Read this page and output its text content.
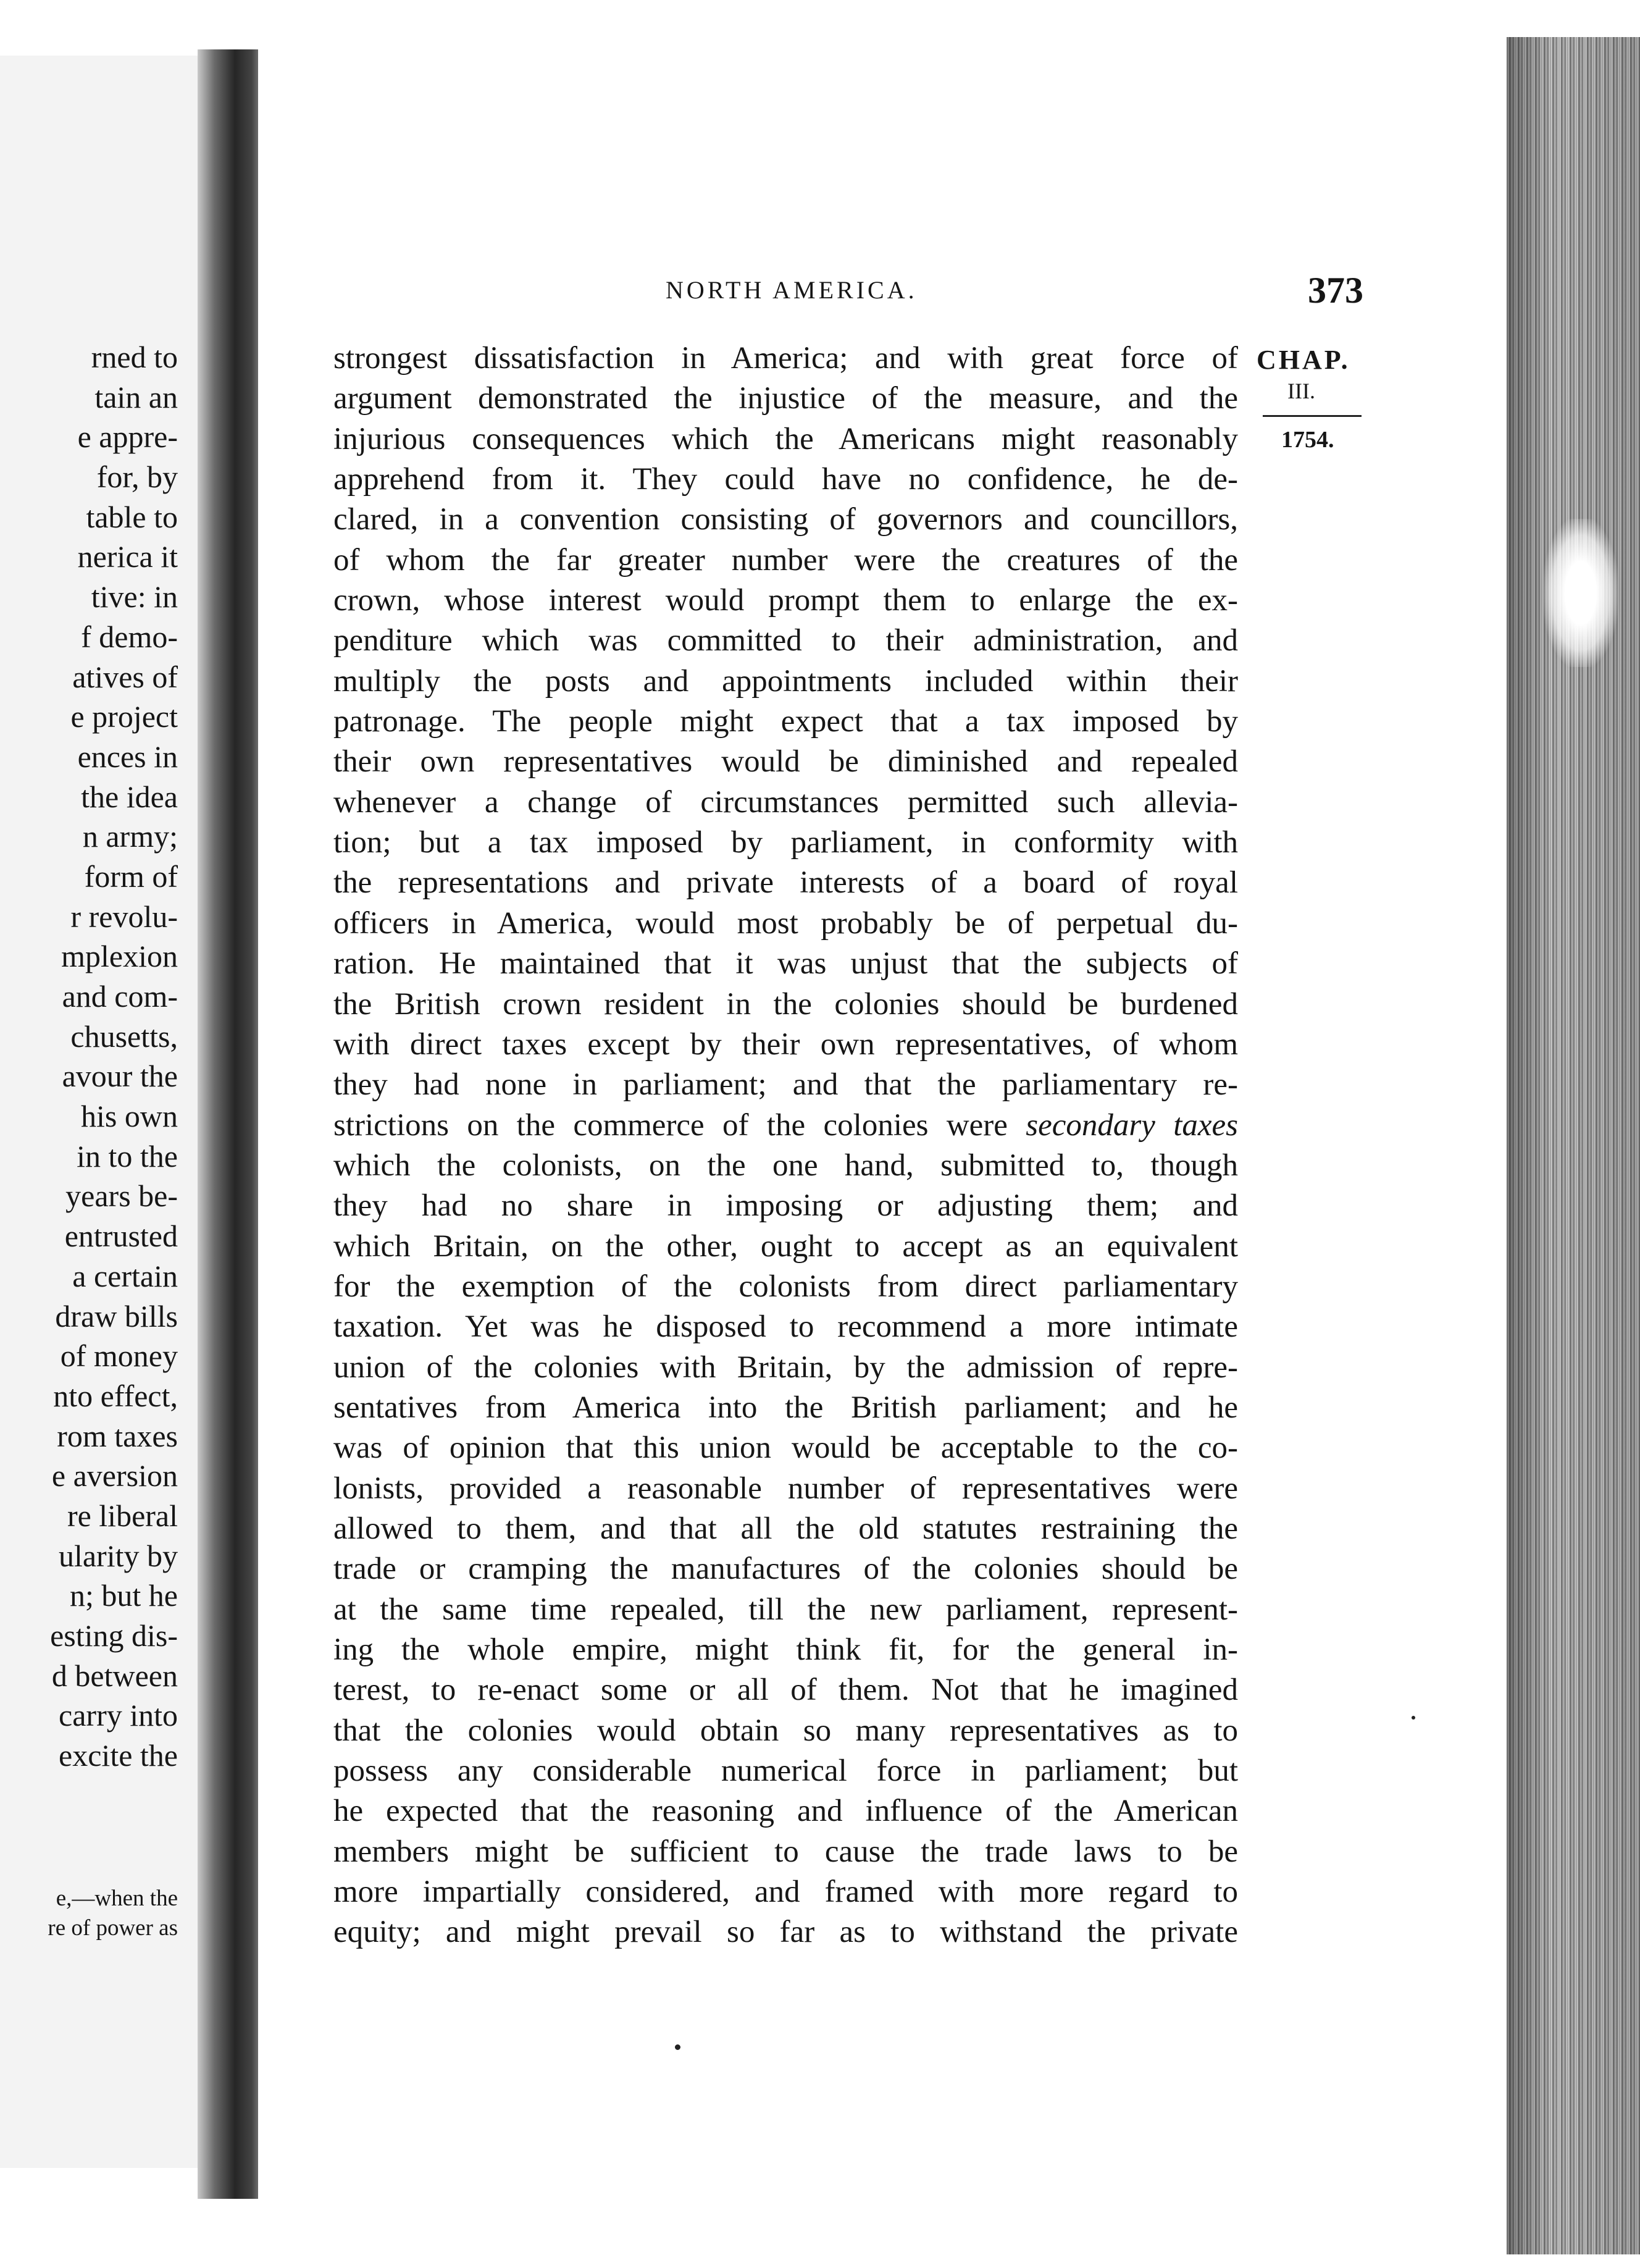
rned to
tain an
e appre-
for, by
table to
nerica it
tive: in
f demo-
atives of
e project
ences in
the idea
n army;
form of
r revolu-
mplexion
and com-
chusetts,
avour the
his own
in to the
years be-
entrusted
a certain
draw bills
of money
nto effect,
rom taxes
e aversion
re liberal
ularity by
n; but he
esting dis-
d between
carry into
excite the
e,—when the
re of power as
NORTH AMERICA.	373
CHAP.
III.
1754.
strongest dissatisfaction in America; and with great force of
argument demonstrated the injustice of the measure, and the
injurious consequences which the Americans might reasonably
apprehend from it. They could have no confidence, he de-
clared, in a convention consisting of governors and councillors,
of whom the far greater number were the creatures of the
crown, whose interest would prompt them to enlarge the ex-
penditure which was committed to their administration, and
multiply the posts and appointments included within their
patronage. The people might expect that a tax imposed by
their own representatives would be diminished and repealed
whenever a change of circumstances permitted such allevia-
tion; but a tax imposed by parliament, in conformity with
the representations and private interests of a board of royal
officers in America, would most probably be of perpetual du-
ration. He maintained that it was unjust that the subjects of
the British crown resident in the colonies should be burdened
with direct taxes except by their own representatives, of whom
they had none in parliament; and that the parliamentary re-
strictions on the commerce of the colonies were secondary taxes
which the colonists, on the one hand, submitted to, though
they had no share in imposing or adjusting them; and
which Britain, on the other, ought to accept as an equivalent
for the exemption of the colonists from direct parliamentary
taxation. Yet was he disposed to recommend a more intimate
union of the colonies with Britain, by the admission of repre-
sentatives from America into the British parliament; and he
was of opinion that this union would be acceptable to the co-
lonists, provided a reasonable number of representatives were
allowed to them, and that all the old statutes restraining the
trade or cramping the manufactures of the colonies should be
at the same time repealed, till the new parliament, represent-
ing the whole empire, might think fit, for the general in-
terest, to re-enact some or all of them. Not that he imagined
that the colonies would obtain so many representatives as to
possess any considerable numerical force in parliament; but
he expected that the reasoning and influence of the American
members might be sufficient to cause the trade laws to be
more impartially considered, and framed with more regard to
equity; and might prevail so far as to withstand the private
